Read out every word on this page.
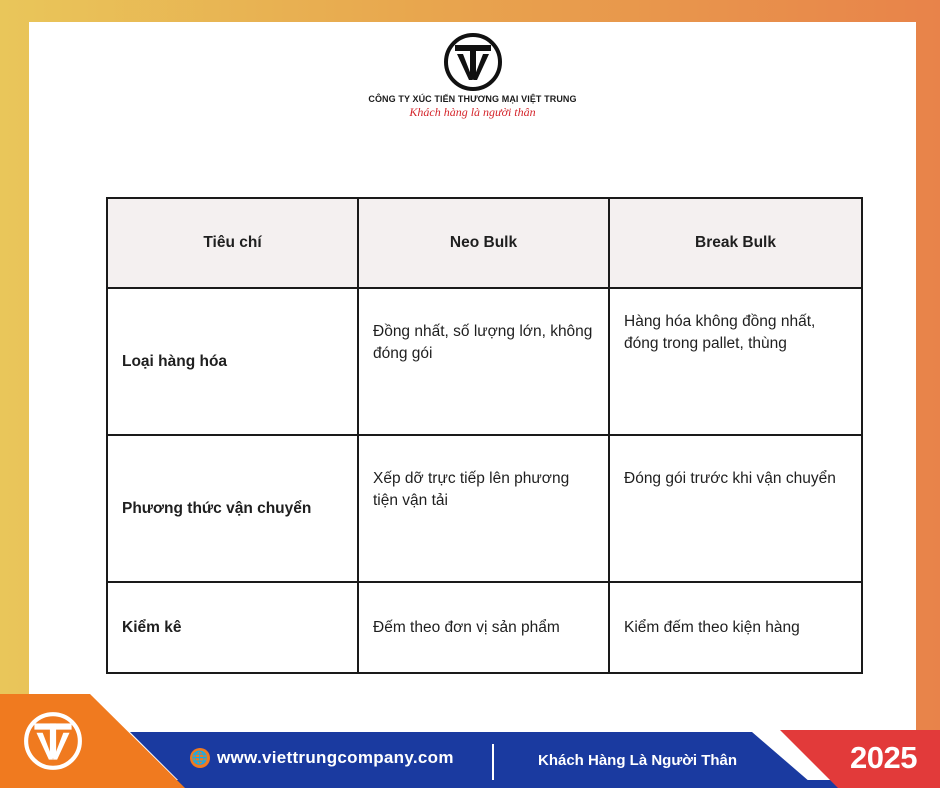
CÔNG TY XÚC TIẾN THƯƠNG MẠI VIỆT TRUNG
Khách hàng là người thân
Tiêu chí	Neo Bulk	Break Bulk
Loại hàng hóa	Đồng nhất, số lượng lớn, không đóng gói	Hàng hóa không đồng nhất, đóng trong pallet, thùng
Phương thức vận chuyển	Xếp dỡ trực tiếp lên phương tiện vận tải	Đóng gói trước khi vận chuyển
Kiểm kê	Đếm theo đơn vị sản phẩm	Kiểm đếm theo kiện hàng
🌐 www.viettrungcompany.com	Khách Hàng Là Người Thân	2025
